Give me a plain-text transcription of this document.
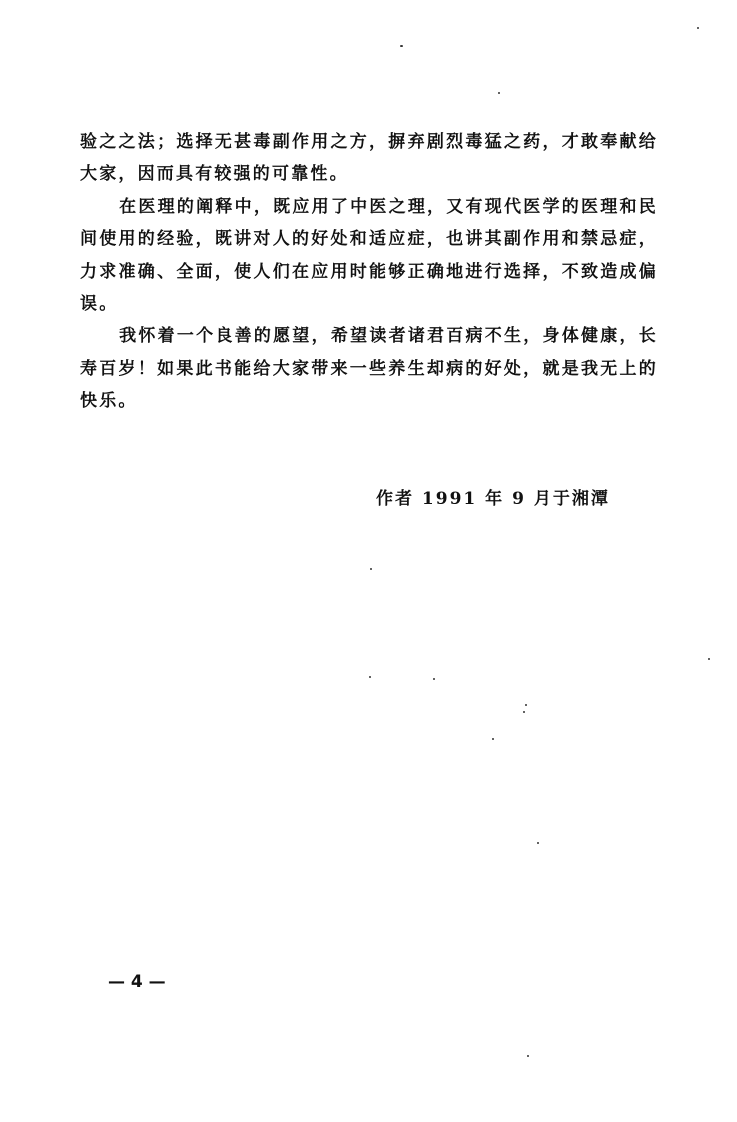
验之之法；选择无甚毒副作用之方，摒弃剧烈毒猛之药，才敢奉献给大家，因而具有较强的可靠性。

在医理的阐释中，既应用了中医之理，又有现代医学的医理和民间使用的经验，既讲对人的好处和适应症，也讲其副作用和禁忌症，力求准确、全面，使人们在应用时能够正确地进行选择，不致造成偏误。

我怀着一个良善的愿望，希望读者诸君百病不生，身体健康，长寿百岁！如果此书能给大家带来一些养生却病的好处，就是我无上的快乐。

作者 1991 年 9 月于湘潭
— 4 —
